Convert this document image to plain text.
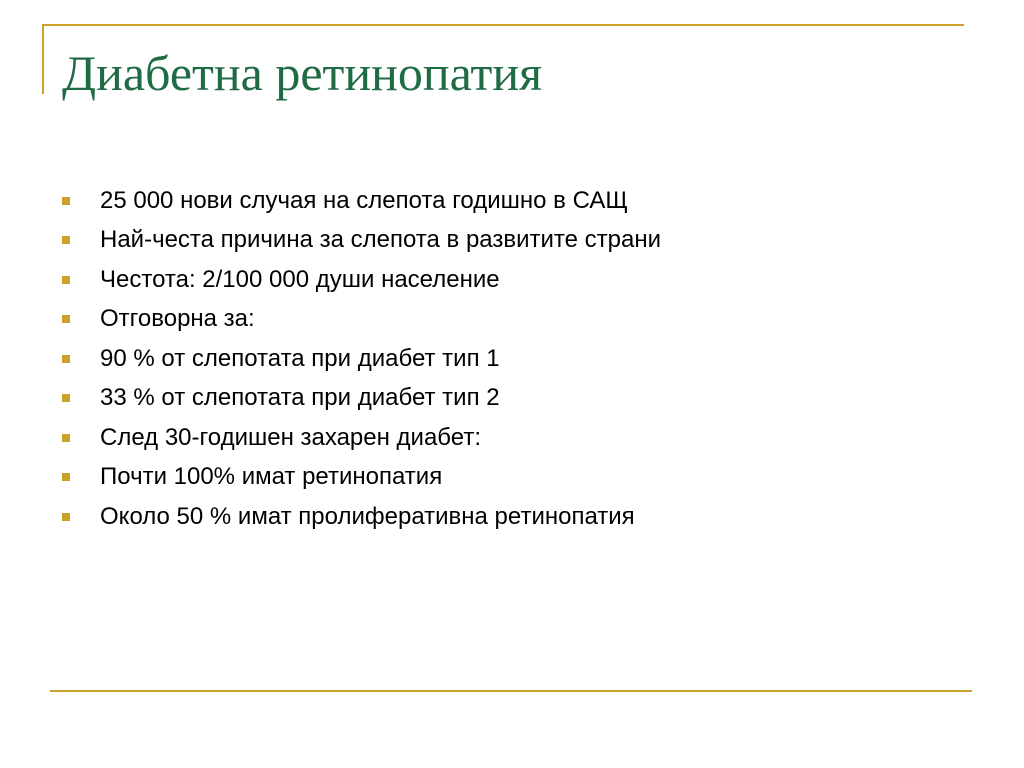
Диабетна ретинопатия
25 000 нови случая на слепота годишно в САЩ
Най-честа причина за слепота в развитите страни
Честота: 2/100 000 души население
Отговорна за:
90 % от слепотата при диабет тип 1
33 % от слепотата при диабет тип 2
След 30-годишен захарен диабет:
Почти 100% имат ретинопатия
Около 50 % имат пролиферативна ретинопатия
